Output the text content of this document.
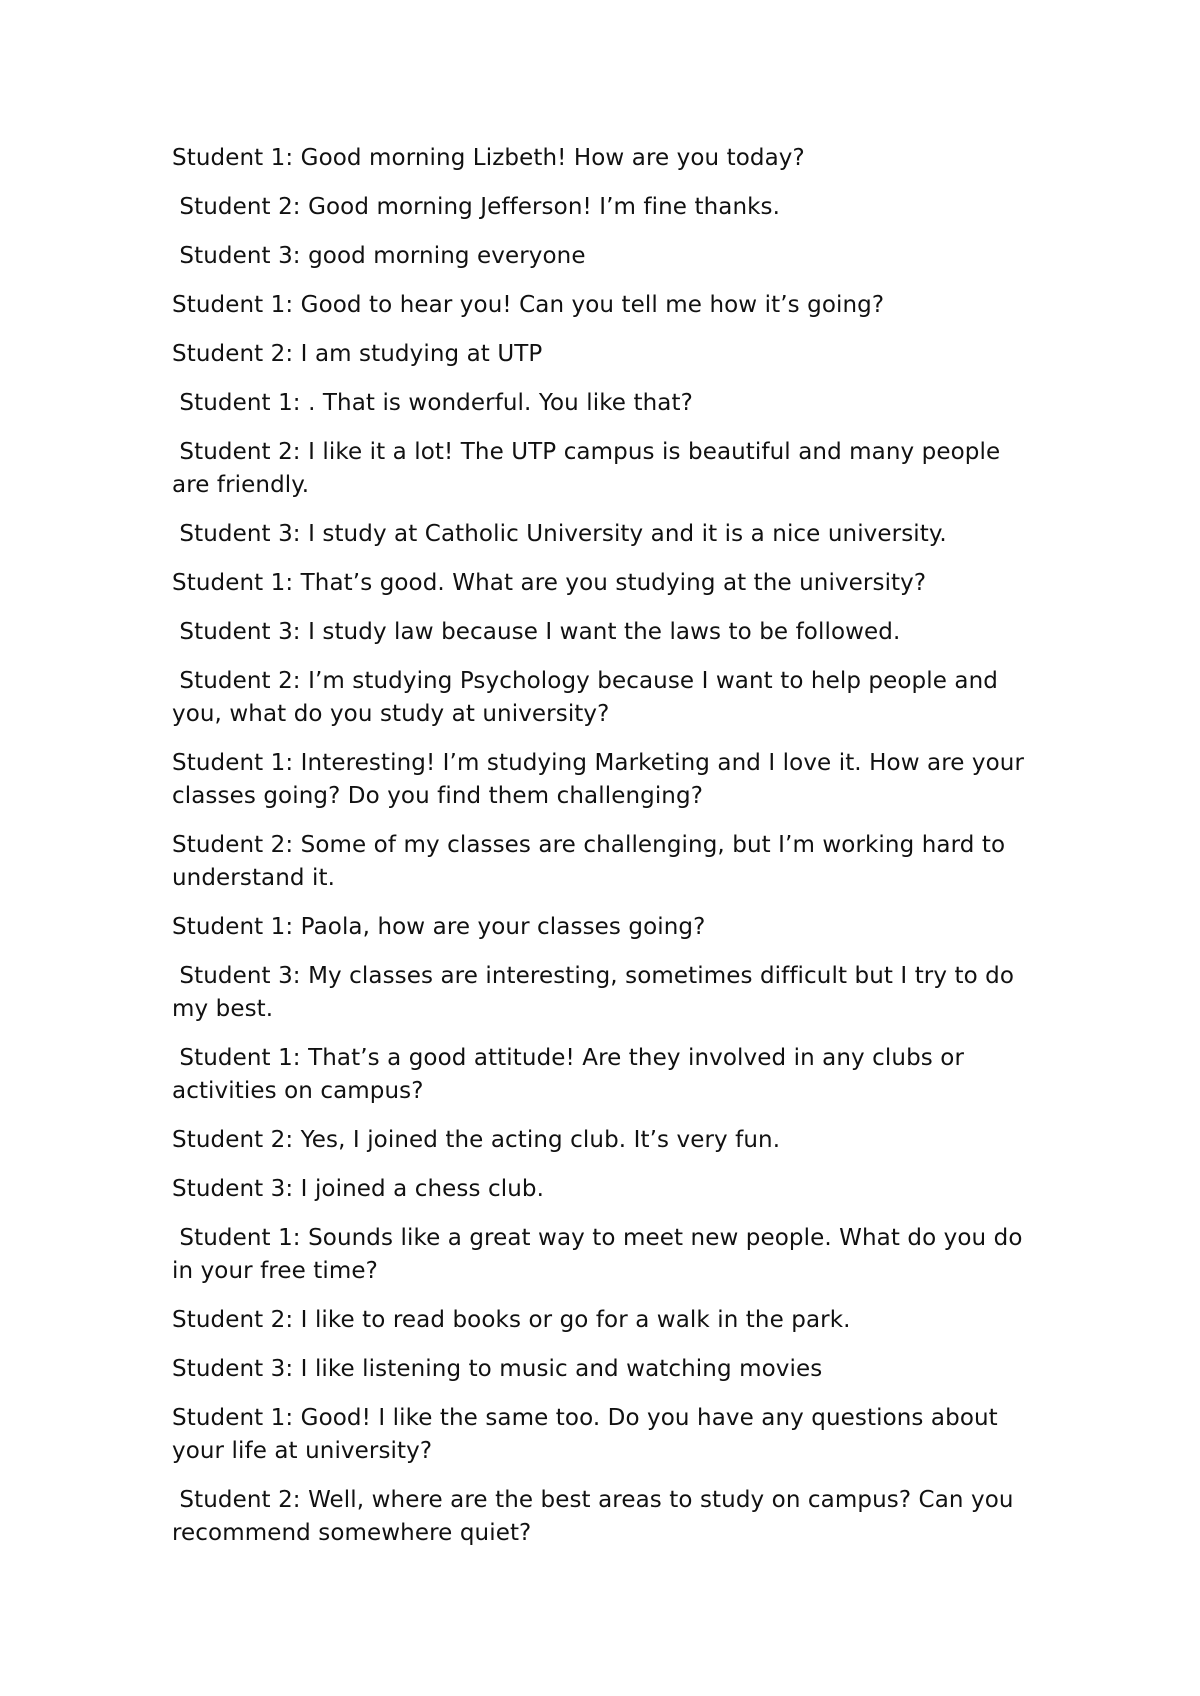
Student 1: Good morning Lizbeth! How are you today?

Student 2: Good morning Jefferson! I’m fine thanks.

Student 3: good morning everyone

Student 1: Good to hear you! Can you tell me how it’s going?

Student 2: I am studying at UTP

Student 1: . That is wonderful. You like that?

Student 2: I like it a lot! The UTP campus is beautiful and many people are friendly.

Student 3: I study at Catholic University and it is a nice university.

Student 1: That’s good. What are you studying at the university?

Student 3: I study law because I want the laws to be followed.

Student 2: I’m studying Psychology because I want to help people and you, what do you study at university?

Student 1: Interesting! I’m studying Marketing and I love it. How are your classes going? Do you find them challenging?

Student 2: Some of my classes are challenging, but I’m working hard to understand it.

Student 1: Paola, how are your classes going?

Student 3: My classes are interesting, sometimes difficult but I try to do my best.

Student 1: That’s a good attitude! Are they involved in any clubs or activities on campus?

Student 2: Yes, I joined the acting club. It’s very fun.

Student 3: I joined a chess club.

Student 1: Sounds like a great way to meet new people. What do you do in your free time?

Student 2: I like to read books or go for a walk in the park.

Student 3: I like listening to music and watching movies

Student 1: Good! I like the same too. Do you have any questions about your life at university?

Student 2: Well, where are the best areas to study on campus? Can you recommend somewhere quiet?
